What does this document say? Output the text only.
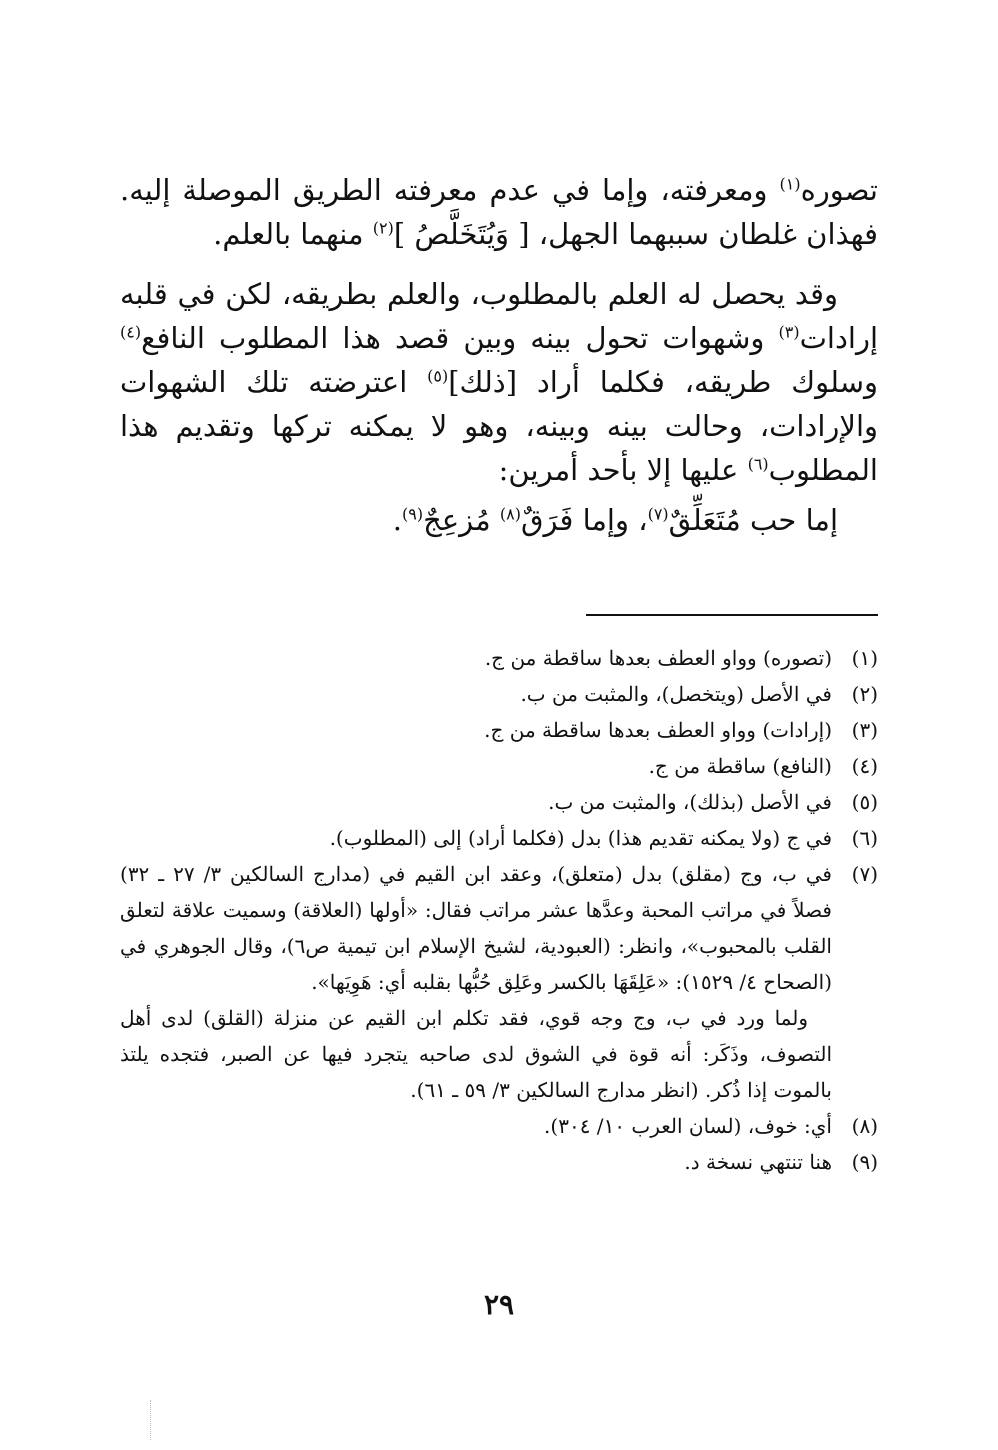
تصوره$^{(١)}$ ومعرفته، وإما في عدم معرفته الطريق الموصلة إليه. فهذان غلطان سببهما الجهل، [ وَيُتَخَلَّصُ ]$^{(٢)}$ منهما بالعلم.

وقد يحصل له العلم بالمطلوب، والعلم بطريقه، لكن في قلبه إرادات$^{(٣)}$ وشهوات تحول بينه وبين قصد هذا المطلوب النافع$^{(٤)}$ وسلوك طريقه، فكلما أراد [ذلك]$^{(٥)}$ اعترضته تلك الشهوات والإرادات، وحالت بينه وبينه، وهو لا يمكنه تركها وتقديم هذا المطلوب$^{(٦)}$ عليها إلا بأحد أمرين:

إما حب مُتَعَلِّقٌ$^{(٧)}$، وإما فَرَقٌ$^{(٨)}$ مُزعِجٌ$^{(٩)}$.

(١)
(تصوره) وواو العطف بعدها ساقطة من ج.
(٢)
في الأصل (ويتخصل)، والمثبت من ب.
(٣)
(إرادات) وواو العطف بعدها ساقطة من ج.
(٤)
(النافع) ساقطة من ج.
(٥)
في الأصل (بذلك)، والمثبت من ب.
(٦)
في ج (ولا يمكنه تقديم هذا) بدل (فكلما أراد) إلى (المطلوب).
(٧)
في ب، وج (مقلق) بدل (متعلق)، وعقد ابن القيم في (مدارج السالكين ٣/ ٢٧ ـ ٣٢) فصلاً في مراتب المحبة وعدَّها عشر مراتب فقال: «أولها (العلاقة) وسميت علاقة لتعلق القلب بالمحبوب»، وانظر: (العبودية، لشيخ الإسلام ابن تيمية ص٦)، وقال الجوهري في (الصحاح ٤/ ١٥٢٩): «عَلِقَهَا بالكسر وعَلِق حُبُّها بقلبه أي: هَوِيَها».
ولما ورد في ب، وج وجه قوي، فقد تكلم ابن القيم عن منزلة (القلق) لدى أهل التصوف، وذَكَر: أنه قوة في الشوق لدى صاحبه يتجرد فيها عن الصبر، فتجده يلتذ بالموت إذا ذُكر. (انظر مدارج السالكين ٣/ ٥٩ ـ ٦١).
(٨)
أي: خوف، (لسان العرب ١٠/ ٣٠٤).
(٩)
هنا تنتهي نسخة د.
٢٩
